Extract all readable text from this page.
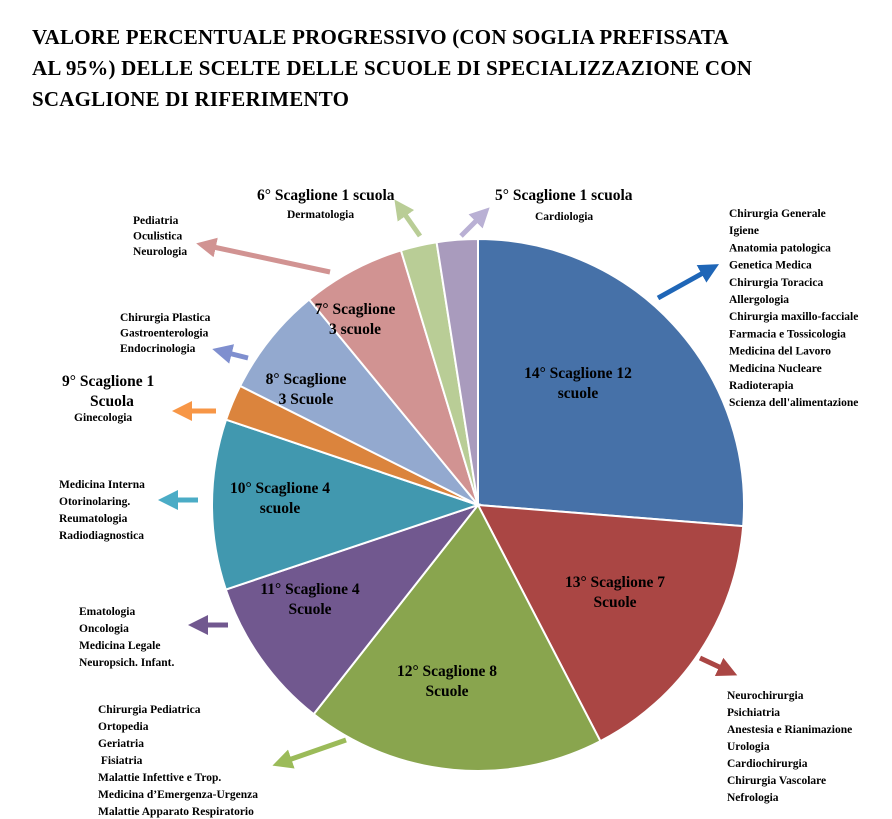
VALORE PERCENTUALE PROGRESSIVO (CON SOGLIA PREFISSATA
AL 95%) DELLE SCELTE DELLE SCUOLE DI SPECIALIZZAZIONE CON
SCAGLIONE DI RIFERIMENTO
14° Scaglione 12 scuole
13° Scaglione 7 Scuole
12° Scaglione 8 Scuole
11° Scaglione 4 Scuole
10° Scaglione 4 scuole
8° Scaglione 3 Scuole
7° Scaglione 3 scuole
Chirurgia Generale Igiene Anatomia patologica Genetica Medica Chirurgia Toracica Allergologia Chirurgia maxillo-facciale Farmacia e Tossicologia Medicina del Lavoro Medicina Nucleare Radioterapia Scienza dell'alimentazione
Neurochirurgia Psichiatria Anestesia e Rianimazione Urologia Cardiochirurgia Chirurgia Vascolare Nefrologia
Chirurgia Pediatrica Ortopedia Geriatria Fisiatria Malattie Infettive e Trop. Medicina d’Emergenza-Urgenza Malattie Apparato Respiratorio
Ematologia Oncologia Medicina Legale Neuropsich. Infant.
Medicina Interna Otorinolaring. Reumatologia Radiodiagnostica
9° Scaglione 1 Scuola
Ginecologia
Chirurgia Plastica Gastroenterologia Endocrinologia
Pediatria Oculistica Neurologia
6° Scaglione 1 scuola
Dermatologia
5° Scaglione 1 scuola
Cardiologia
